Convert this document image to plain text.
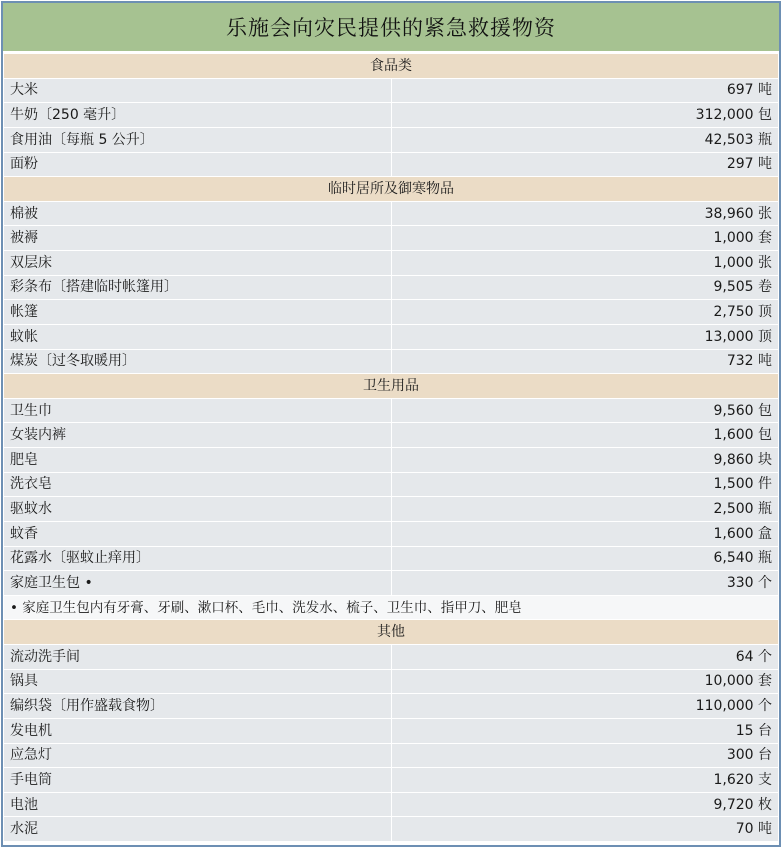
乐施会向灾民提供的紧急救援物资
食品类	
大米	697 吨
牛奶〔250 毫升〕	312,000 包
食用油〔每瓶 5 公升〕	42,503 瓶
面粉	297 吨
临时居所及御寒物品	
棉被	38,960 张
被褥	1,000 套
双层床	1,000 张
彩条布〔搭建临时帐篷用〕	9,505 卷
帐篷	2,750 顶
蚊帐	13,000 顶
煤炭〔过冬取暖用〕	732 吨
卫生用品	
卫生巾	9,560 包
女装内裤	1,600 包
肥皂	9,860 块
洗衣皂	1,500 件
驱蚊水	2,500 瓶
蚊香	1,600 盒
花露水〔驱蚊止痒用〕	6,540 瓶
家庭卫生包 •	330 个
• 家庭卫生包内有牙膏、牙刷、漱口杯、毛巾、洗发水、梳子、卫生巾、指甲刀、肥皂	
其他	
流动洗手间	64 个
锅具	10,000 套
编织袋〔用作盛载食物〕	110,000 个
发电机	15 台
应急灯	300 台
手电筒	1,620 支
电池	9,720 枚
水泥	70 吨
